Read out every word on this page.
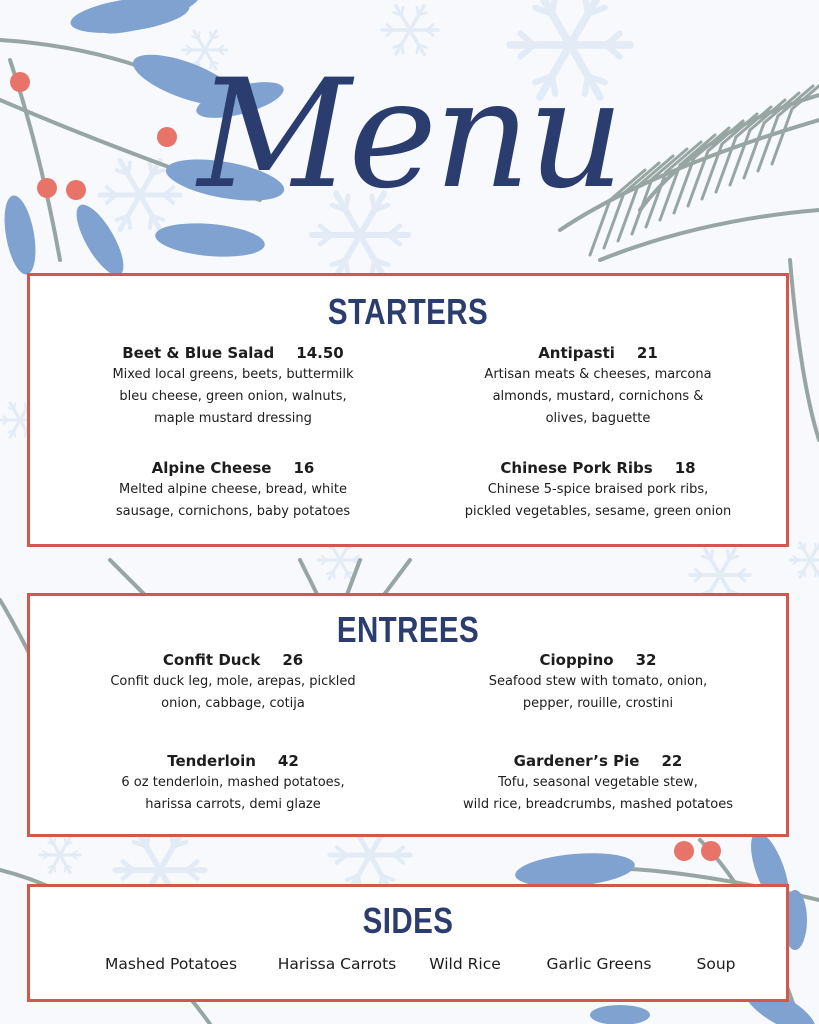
Menu
STARTERS
Beet & Blue Salad 14.50
Mixed local greens, beets, buttermilk
bleu cheese, green onion, walnuts,
maple mustard dressing
Antipasti 21
Artisan meats & cheeses, marcona
almonds, mustard, cornichons &
olives, baguette
Alpine Cheese 16
Melted alpine cheese, bread, white
sausage, cornichons, baby potatoes
Chinese Pork Ribs 18
Chinese 5-spice braised pork ribs,
pickled vegetables, sesame, green onion
ENTREES
Confit Duck 26
Confit duck leg, mole, arepas, pickled
onion, cabbage, cotija
Cioppino 32
Seafood stew with tomato, onion,
pepper, rouille, crostini
Tenderloin 42
6 oz tenderloin, mashed potatoes,
harissa carrots, demi glaze
Gardener’s Pie 22
Tofu, seasonal vegetable stew,
wild rice, breadcrumbs, mashed potatoes
SIDES
Mashed Potatoes	Harissa Carrots Wild Rice	Garlic Greens	Soup
